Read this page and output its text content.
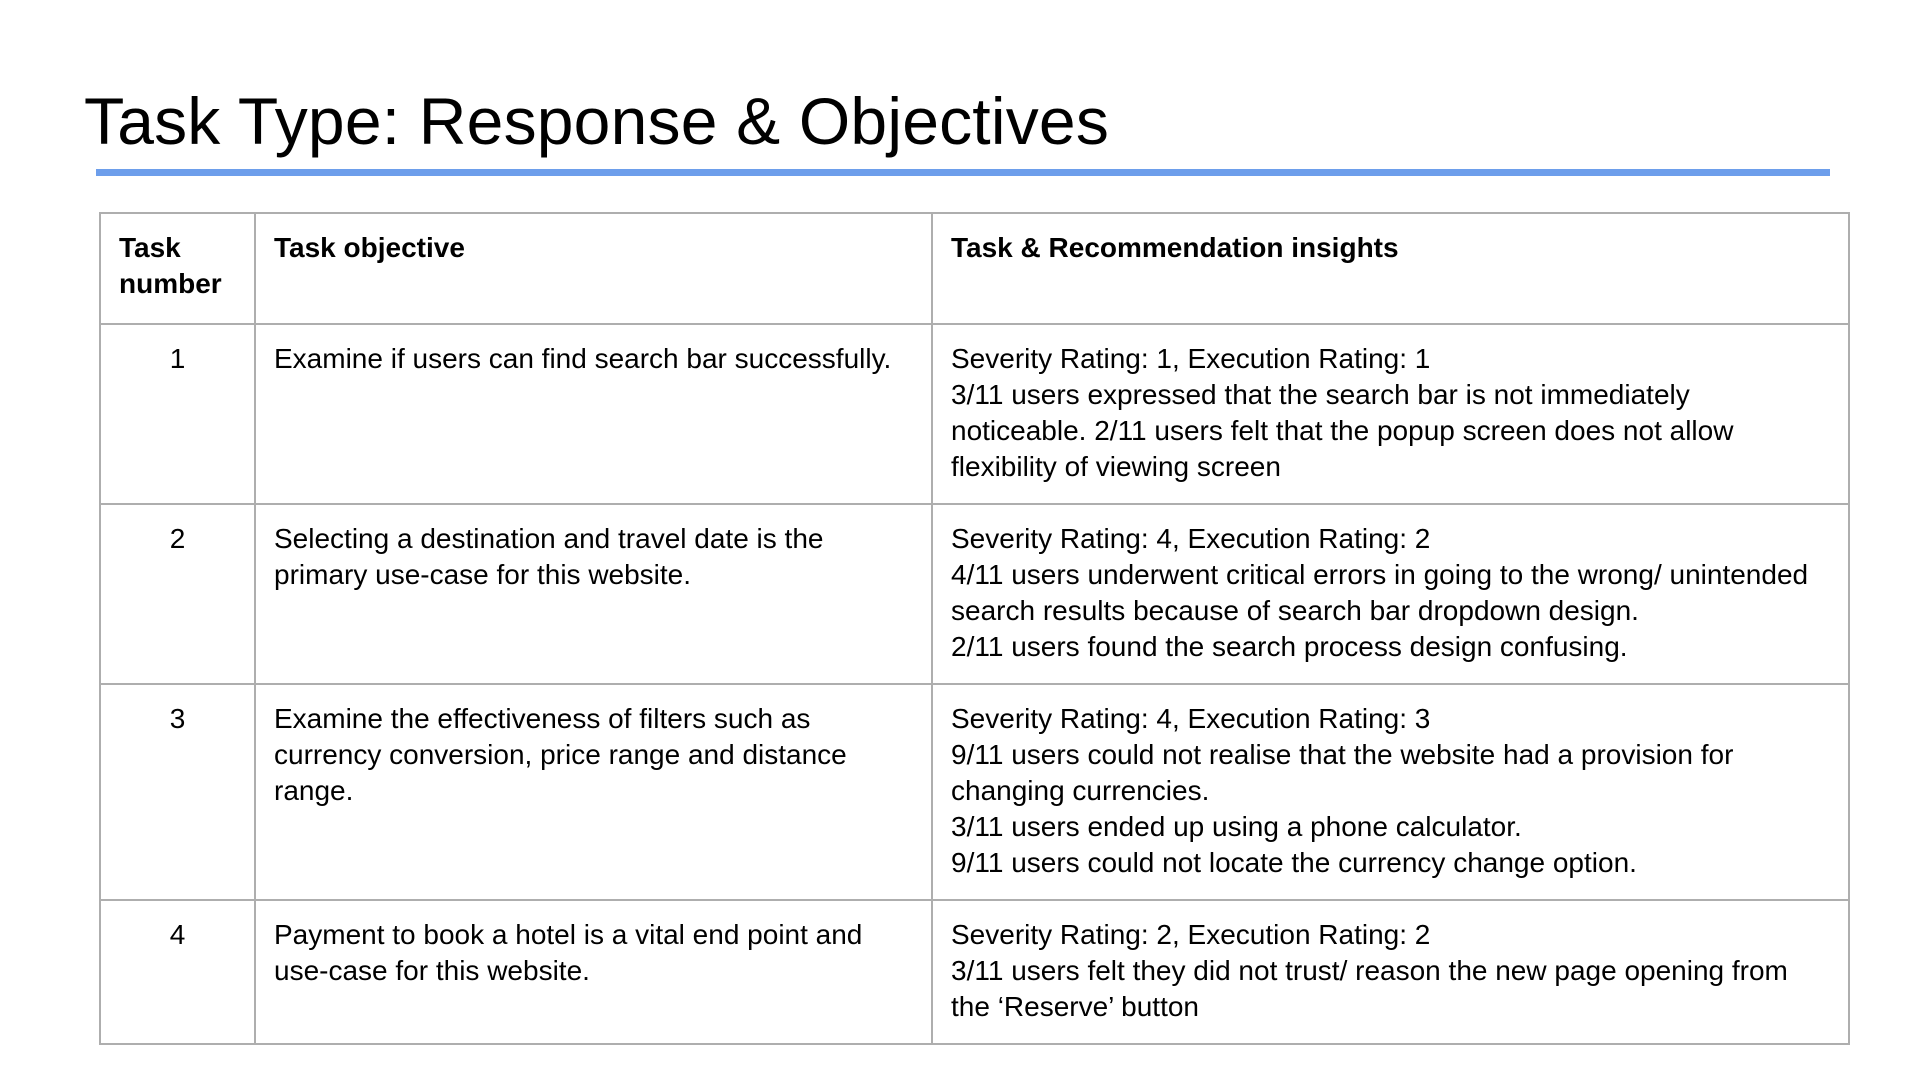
Task Type: Response & Objectives
Task
number	Task objective	Task & Recommendation insights
1	Examine if users can find search bar successfully.	Severity Rating: 1, Execution Rating: 1
3/11 users expressed that the search bar is not immediately noticeable. 2/11 users felt that the popup screen does not allow flexibility of viewing screen

2	Selecting a destination and travel date is the primary use-case for this website.	Severity Rating: 4, Execution Rating: 2
4/11 users underwent critical errors in going to the wrong/ unintended search results because of search bar dropdown design.
2/11 users found the search process design confusing.

3	Examine the effectiveness of filters such as currency conversion, price range and distance range.	Severity Rating: 4, Execution Rating: 3
9/11 users could not realise that the website had a provision for changing currencies.
3/11 users ended up using a phone calculator.
9/11 users could not locate the currency change option.

4	Payment to book a hotel is a vital end point and use-case for this website.	Severity Rating: 2, Execution Rating: 2
3/11 users felt they did not trust/ reason the new page opening from the ‘Reserve’ button
